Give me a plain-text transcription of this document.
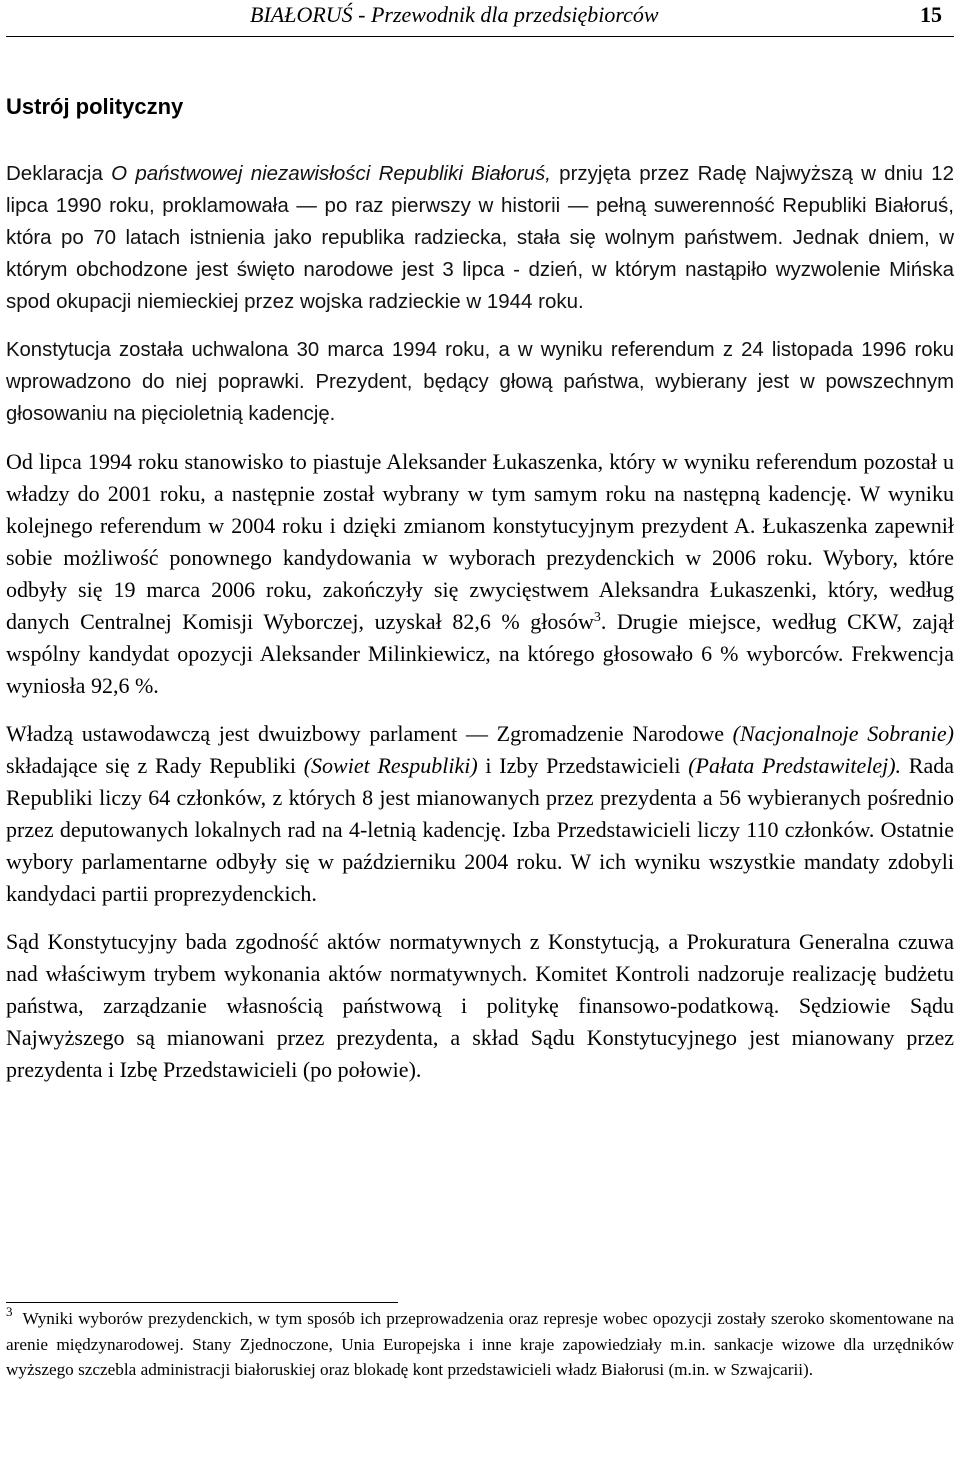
BIAŁORUŚ - Przewodnik dla przedsiębiorców	15
Ustrój polityczny

Deklaracja O państwowej niezawisłości Republiki Białoruś, przyjęta przez Radę Najwyższą w dniu 12 lipca 1990 roku, proklamowała — po raz pierwszy w historii — pełną suwerenność Republiki Białoruś, która po 70 latach istnienia jako republika radziecka, stała się wolnym państwem. Jednak dniem, w którym obchodzone jest święto narodowe jest 3 lipca - dzień, w którym nastąpiło wyzwolenie Mińska spod okupacji niemieckiej przez wojska radzieckie w 1944 roku.

Konstytucja została uchwalona 30 marca 1994 roku, a w wyniku referendum z 24 listopada 1996 roku wprowadzono do niej poprawki. Prezydent, będący głową państwa, wybierany jest w powszechnym głosowaniu na pięcioletnią kadencję.

Od lipca 1994 roku stanowisko to piastuje Aleksander Łukaszenka, który w wyniku referendum pozostał u władzy do 2001 roku, a następnie został wybrany w tym samym roku na następną kadencję. W wyniku kolejnego referendum w 2004 roku i dzięki zmianom konstytucyjnym prezydent A. Łukaszenka zapewnił sobie możliwość ponownego kandydowania w wyborach prezydenckich w 2006 roku. Wybory, które odbyły się 19 marca 2006 roku, zakończyły się zwycięstwem Aleksandra Łukaszenki, który, według danych Centralnej Komisji Wyborczej, uzyskał 82,6 % głosów$^3$. Drugie miejsce, według CKW, zajął wspólny kandydat opozycji Aleksander Milinkiewicz, na którego głosowało 6 % wyborców. Frekwencja wyniosła 92,6 %.

Władzą ustawodawczą jest dwuizbowy parlament — Zgromadzenie Narodowe (Nacjonalnoje Sobranie) składające się z Rady Republiki (Sowiet Respubliki) i Izby Przedstawicieli (Pałata Predstawitelej). Rada Republiki liczy 64 członków, z których 8 jest mianowanych przez prezydenta a 56 wybieranych pośrednio przez deputowanych lokalnych rad na 4-letnią kadencję. Izba Przedstawicieli liczy 110 członków. Ostatnie wybory parlamentarne odbyły się w październiku 2004 roku. W ich wyniku wszystkie mandaty zdobyli kandydaci partii proprezydenckich.

Sąd Konstytucyjny bada zgodność aktów normatywnych z Konstytucją, a Prokuratura Generalna czuwa nad właściwym trybem wykonania aktów normatywnych. Komitet Kontroli nadzoruje realizację budżetu państwa, zarządzanie własnością państwową i politykę finansowo-podatkową. Sędziowie Sądu Najwyższego są mianowani przez prezydenta, a skład Sądu Konstytucyjnego jest mianowany przez prezydenta i Izbę Przedstawicieli (po połowie).

$^3$ Wyniki wyborów prezydenckich, w tym sposób ich przeprowadzenia oraz represje wobec opozycji zostały szeroko skomentowane na arenie międzynarodowej. Stany Zjednoczone, Unia Europejska i inne kraje zapowiedziały m.in. sankacje wizowe dla urzędników wyższego szczebla administracji białoruskiej oraz blokadę kont przedstawicieli władz Białorusi (m.in. w Szwajcarii).
